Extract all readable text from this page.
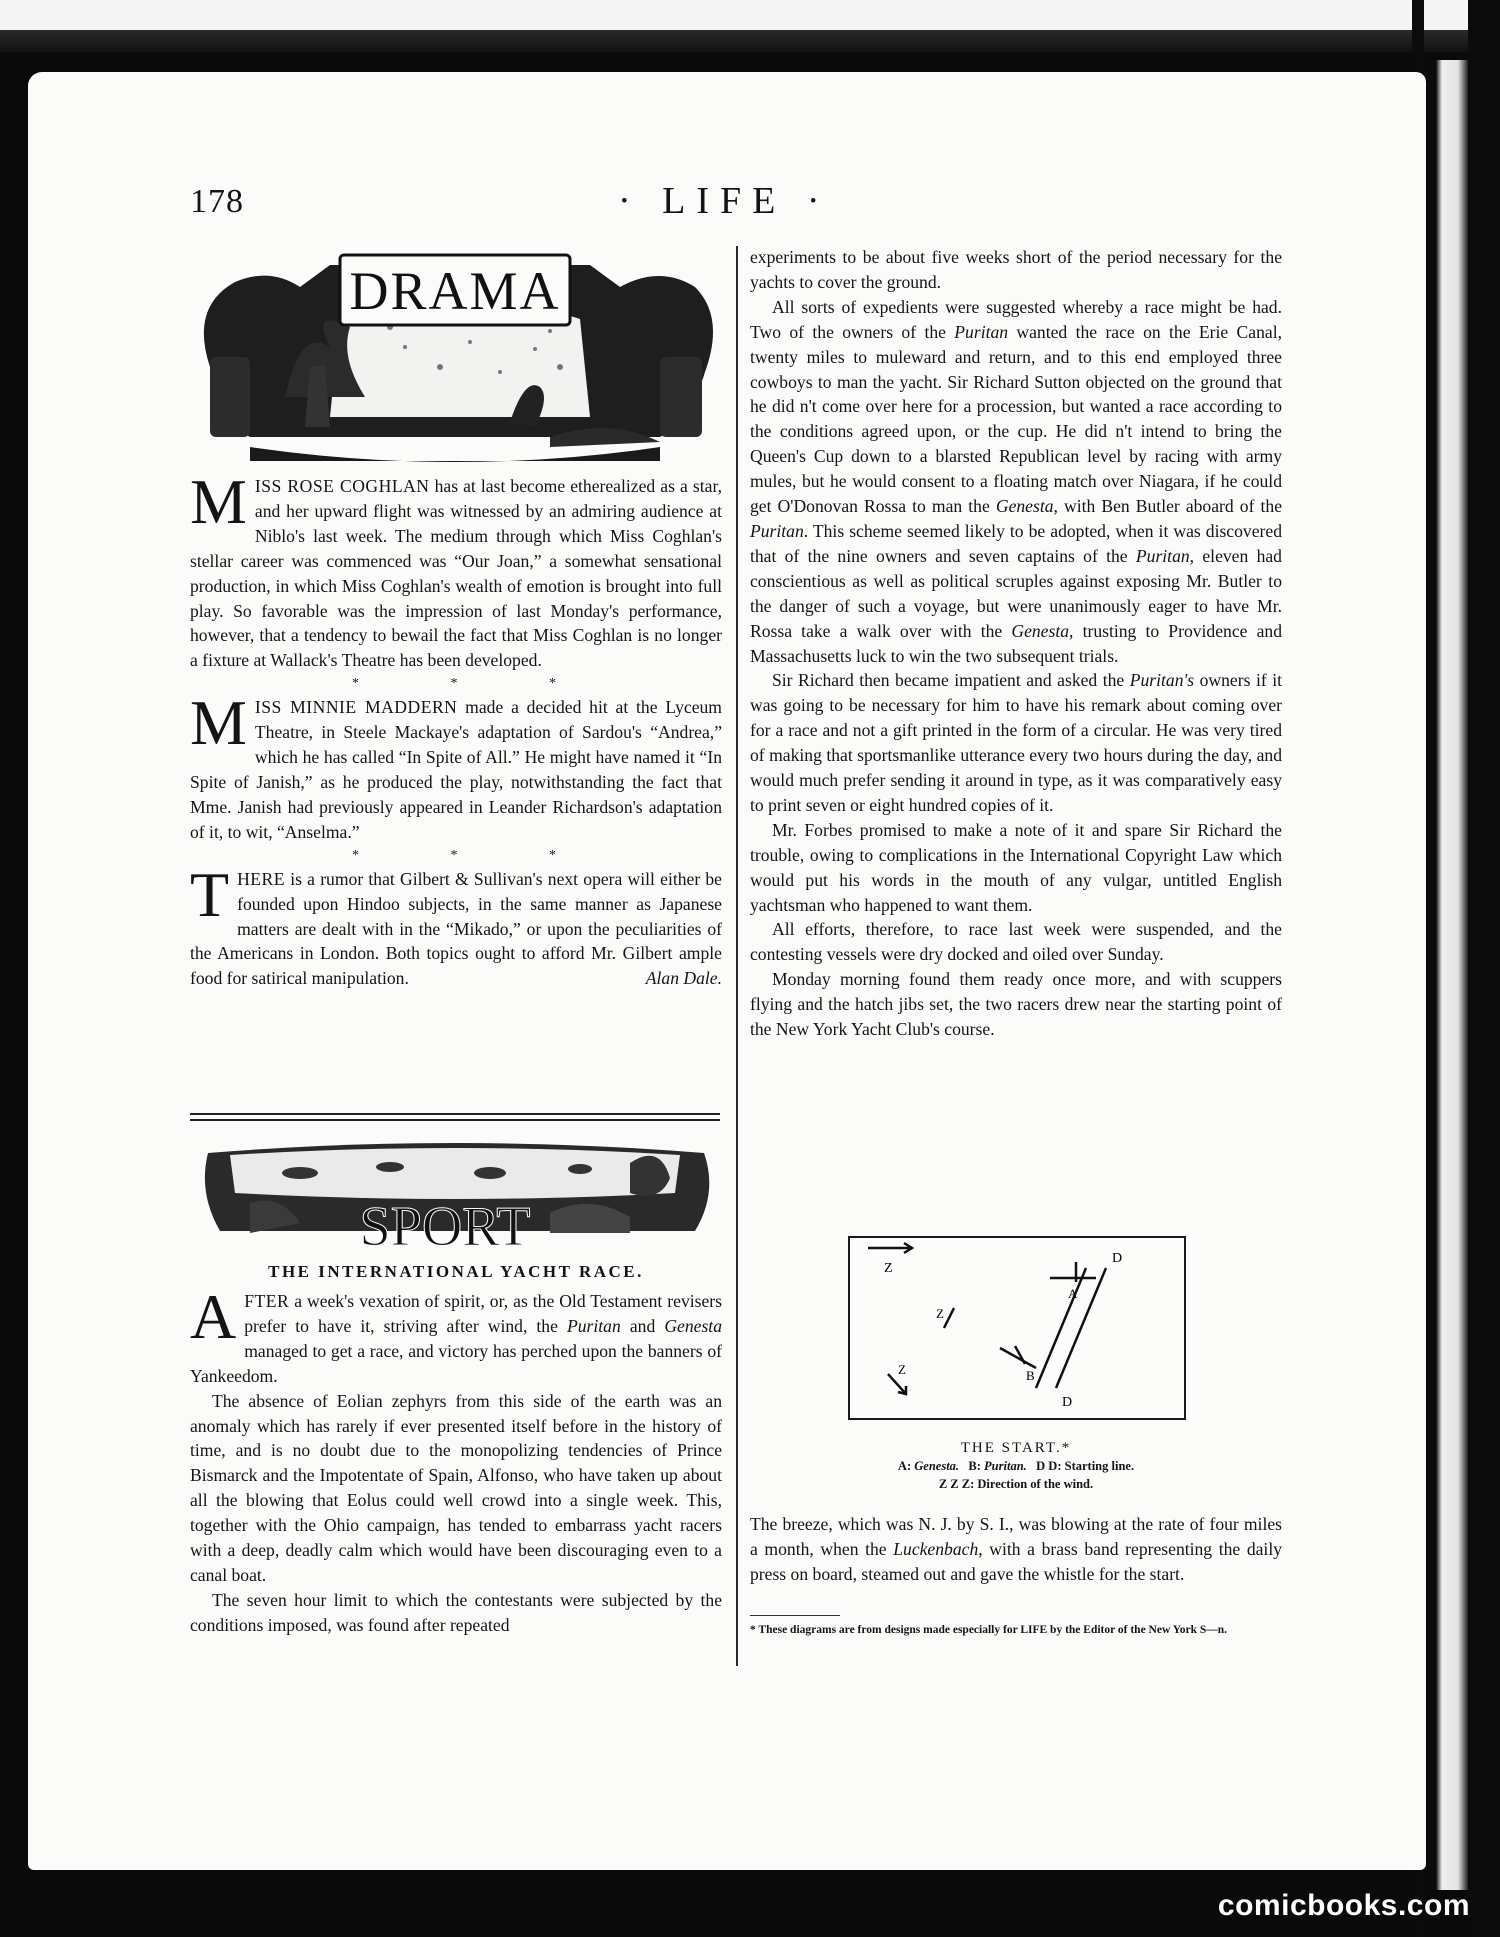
178	· LIFE ·
DRAMA

MISS ROSE COGHLAN has at last become etherealized as a star, and her upward flight was witnessed by an admiring audience at Niblo's last week. The medium through which Miss Coghlan's stellar career was commenced was “Our Joan,” a somewhat sensational production, in which Miss Coghlan's wealth of emotion is brought into full play. So favorable was the impression of last Monday's performance, however, that a tendency to bewail the fact that Miss Coghlan is no longer a fixture at Wallack's Theatre has been developed.

* * *

MISS MINNIE MADDERN made a decided hit at the Lyceum Theatre, in Steele Mackaye's adaptation of Sardou's “Andrea,” which he has called “In Spite of All.” He might have named it “In Spite of Janish,” as he produced the play, notwithstanding the fact that Mme. Janish had previously appeared in Leander Richardson's adaptation of it, to wit, “Anselma.”

* * *

THERE is a rumor that Gilbert & Sullivan's next opera will either be founded upon Hindoo subjects, in the same manner as Japanese matters are dealt with in the “Mikado,” or upon the peculiarities of the Americans in London. Both topics ought to afford Mr. Gilbert ample food for satirical manipulation.	Alan Dale.

SPORT
THE INTERNATIONAL YACHT RACE.

AFTER a week's vexation of spirit, or, as the Old Testament revisers prefer to have it, striving after wind, the Puritan and Genesta managed to get a race, and victory has perched upon the banners of Yankeedom.

The absence of Eolian zephyrs from this side of the earth was an anomaly which has rarely if ever presented itself before in the history of time, and is no doubt due to the monopolizing tendencies of Prince Bismarck and the Impotentate of Spain, Alfonso, who have taken up about all the blowing that Eolus could well crowd into a single week. This, together with the Ohio campaign, has tended to embarrass yacht racers with a deep, deadly calm which would have been discouraging even to a canal boat.

The seven hour limit to which the contestants were subjected by the conditions imposed, was found after repeated

experiments to be about five weeks short of the period necessary for the yachts to cover the ground.

All sorts of expedients were suggested whereby a race might be had. Two of the owners of the Puritan wanted the race on the Erie Canal, twenty miles to muleward and return, and to this end employed three cowboys to man the yacht. Sir Richard Sutton objected on the ground that he did n't come over here for a procession, but wanted a race according to the conditions agreed upon, or the cup. He did n't intend to bring the Queen's Cup down to a blarsted Republican level by racing with army mules, but he would consent to a floating match over Niagara, if he could get O'Donovan Rossa to man the Genesta, with Ben Butler aboard of the Puritan. This scheme seemed likely to be adopted, when it was discovered that of the nine owners and seven captains of the Puritan, eleven had conscientious as well as political scruples against exposing Mr. Butler to the danger of such a voyage, but were unanimously eager to have Mr. Rossa take a walk over with the Genesta, trusting to Providence and Massachusetts luck to win the two subsequent trials.

Sir Richard then became impatient and asked the Puritan's owners if it was going to be necessary for him to have his remark about coming over for a race and not a gift printed in the form of a circular. He was very tired of making that sportsmanlike utterance every two hours during the day, and would much prefer sending it around in type, as it was comparatively easy to print seven or eight hundred copies of it.

Mr. Forbes promised to make a note of it and spare Sir Richard the trouble, owing to complications in the International Copyright Law which would put his words in the mouth of any vulgar, untitled English yachtsman who happened to want them.

All efforts, therefore, to race last week were suspended, and the contesting vessels were dry docked and oiled over Sunday.

Monday morning found them ready once more, and with scuppers flying and the hatch jibs set, the two racers drew near the starting point of the New York Yacht Club's course.

D
A
B
D
Z
Z
Z
THE START.*
A: Genesta.   B: Puritan.   D D: Starting line.
Z Z Z: Direction of the wind.

The breeze, which was N. J. by S. I., was blowing at the rate of four miles a month, when the Luckenbach, with a brass band representing the daily press on board, steamed out and gave the whistle for the start.

* These diagrams are from designs made especially for LIFE by the Editor of the New York S—n.
comicbooks.com
